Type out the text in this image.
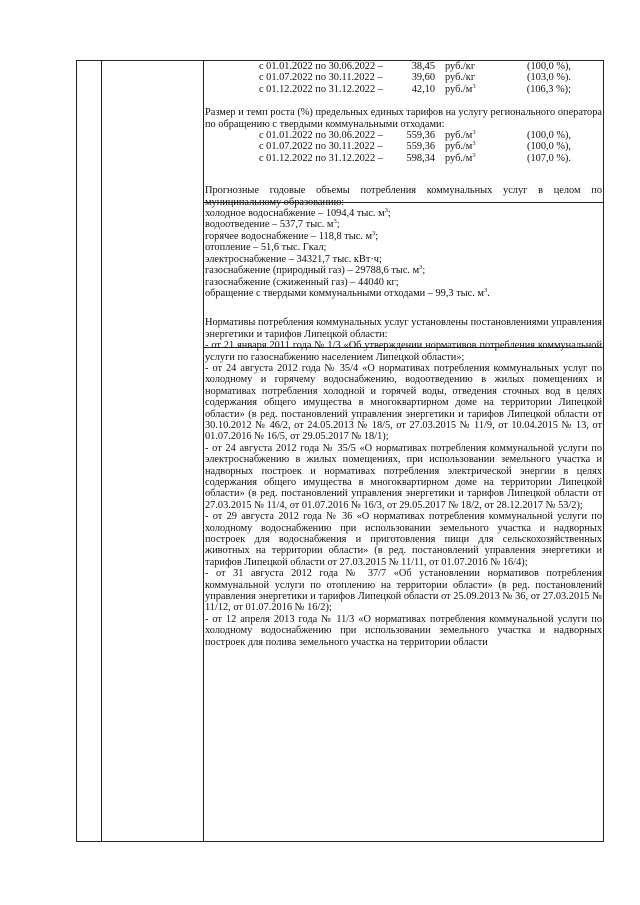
с 01.01.2022 по 30.06.2022 –	38,45 руб./кг	(100,0 %),
с 01.07.2022 по 30.11.2022 –	39,60 руб./кг	(103,0 %).
с 01.12.2022 по 31.12.2022 –	42,10 $руб./м^3$	(106,3 %);

Размер и темп роста (%) предельных единых тарифов на услугу регионального оператора по обращению с твердыми коммунальными отходами:

с 01.01.2022 по 30.06.2022 –	559,36 $руб./м^3$	(100,0 %),
с 01.07.2022 по 30.11.2022 –	559,36 $руб./м^3$	(100,0 %),
с 01.12.2022 по 31.12.2022 –	598,34 $руб./м^3$	(107,0 %).

Прогнозные годовые объемы потребления коммунальных услуг в целом по муниципальному образованию:

холодное водоснабжение – 1094,4 тыс. $м^3$;
водоотведение – 537,7 тыс. $м^3$;
горячее водоснабжение – 118,8 тыс. $м^3$;
отопление – 51,6 тыс. Гкал;
электроснабжение – 34321,7 тыс. кВт·ч;
газоснабжение (природный газ) – 29788,6 тыс. $м^3$;
газоснабжение (сжиженный газ) – 44040 кг;
обращение с твердыми коммунальными отходами – 99,3 тыс. $м^3$.

Нормативы потребления коммунальных услуг установлены постановлениями управления энергетики и тарифов Липецкой области:

- от 21 января 2011 года № 1/3 «Об утверждении нормативов потребления коммунальной услуги по газоснабжению населением Липецкой области»;

- от 24 августа 2012 года № 35/4 «О нормативах потребления коммунальных услуг по холодному и горячему водоснабжению, водоотведению в жилых помещениях и нормативах потребления холодной и горячей воды, отведения сточных вод в целях содержания общего имущества в многоквартирном доме на территории Липецкой области» (в ред. постановлений управления энергетики и тарифов Липецкой области от 30.10.2012 № 46/2, от 24.05.2013 № 18/5, от 27.03.2015 № 11/9, от 10.04.2015 № 13, от 01.07.2016 № 16/5, от 29.05.2017 № 18/1);

- от 24 августа 2012 года № 35/5 «О нормативах потребления коммунальной услуги по электроснабжению в жилых помещениях, при использовании земельного участка и надворных построек и нормативах потребления электрической энергии в целях содержания общего имущества в многоквартирном доме на территории Липецкой области» (в ред. постановлений управления энергетики и тарифов Липецкой области от 27.03.2015 № 11/4, от 01.07.2016 № 16/3, от 29.05.2017 № 18/2, от 28.12.2017 № 53/2);

- от 29 августа 2012 года № 36 «О нормативах потребления коммунальной услуги по холодному водоснабжению при использовании земельного участка и надворных построек для водоснабжения и приготовления пищи для сельскохозяйственных животных на территории области» (в ред. постановлений управления энергетики и тарифов Липецкой области от 27.03.2015 № 11/11, от 01.07.2016 № 16/4);

- от 31 августа 2012 года № 37/7 «Об установлении нормативов потребления коммунальной услуги по отоплению на территории области» (в ред. постановлений управления энергетики и тарифов Липецкой области от 25.09.2013 № 36, от 27.03.2015 № 11/12, от 01.07.2016 № 16/2);

- от 12 апреля 2013 года № 11/3 «О нормативах потребления коммунальной услуги по холодному водоснабжению при использовании земельного участка и надворных построек для полива земельного участка на территории области
